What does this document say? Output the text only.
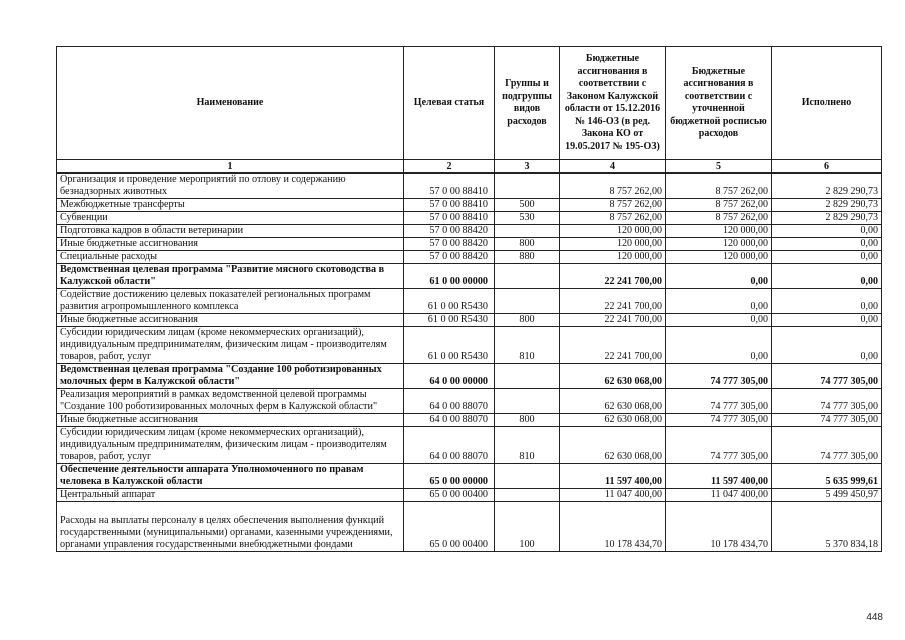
Наименование	Целевая статья	Группы и подгруппы видов расходов	Бюджетные ассигнования в соответствии с Законом Калужской области от 15.12.2016 № 146-ОЗ (в ред. Закона КО от 19.05.2017 № 195-ОЗ)	Бюджетные ассигнования в соответствии с уточненной бюджетной росписью расходов	Исполнено
1	2	3	4	5	6
Организация и проведение мероприятий по отлову и содержанию безнадзорных животных	57 0 00 88410		8 757 262,00	8 757 262,00	2 829 290,73
Межбюджетные трансферты	57 0 00 88410	500	8 757 262,00	8 757 262,00	2 829 290,73
Субвенции	57 0 00 88410	530	8 757 262,00	8 757 262,00	2 829 290,73
Подготовка кадров в области ветеринарии	57 0 00 88420		120 000,00	120 000,00	0,00
Иные бюджетные ассигнования	57 0 00 88420	800	120 000,00	120 000,00	0,00
Специальные расходы	57 0 00 88420	880	120 000,00	120 000,00	0,00
Ведомственная целевая программа "Развитие мясного скотоводства в Калужской области"	61 0 00 00000		22 241 700,00	0,00	0,00
Содействие достижению целевых показателей региональных программ развития агропромышленного комплекса	61 0 00 R5430		22 241 700,00	0,00	0,00
Иные бюджетные ассигнования	61 0 00 R5430	800	22 241 700,00	0,00	0,00
Субсидии юридическим лицам (кроме некоммерческих организаций), индивидуальным предпринимателям, физическим лицам - производителям товаров, работ, услуг	61 0 00 R5430	810	22 241 700,00	0,00	0,00
Ведомственная целевая программа "Создание 100 роботизированных молочных ферм в Калужской области"	64 0 00 00000		62 630 068,00	74 777 305,00	74 777 305,00
Реализация мероприятий в рамках ведомственной целевой программы "Создание 100 роботизированных молочных ферм в Калужской области"	64 0 00 88070		62 630 068,00	74 777 305,00	74 777 305,00
Иные бюджетные ассигнования	64 0 00 88070	800	62 630 068,00	74 777 305,00	74 777 305,00
Субсидии юридическим лицам (кроме некоммерческих организаций), индивидуальным предпринимателям, физическим лицам - производителям товаров, работ, услуг	64 0 00 88070	810	62 630 068,00	74 777 305,00	74 777 305,00
Обеспечение деятельности аппарата Уполномоченного по правам человека в Калужской области	65 0 00 00000		11 597 400,00	11 597 400,00	5 635 999,61
Центральный аппарат	65 0 00 00400		11 047 400,00	11 047 400,00	5 499 450,97
Расходы на выплаты персоналу в целях обеспечения выполнения функций государственными (муниципальными) органами, казенными учреждениями, органами управления государственными внебюджетными фондами	65 0 00 00400	100	10 178 434,70	10 178 434,70	5 370 834,18
448
